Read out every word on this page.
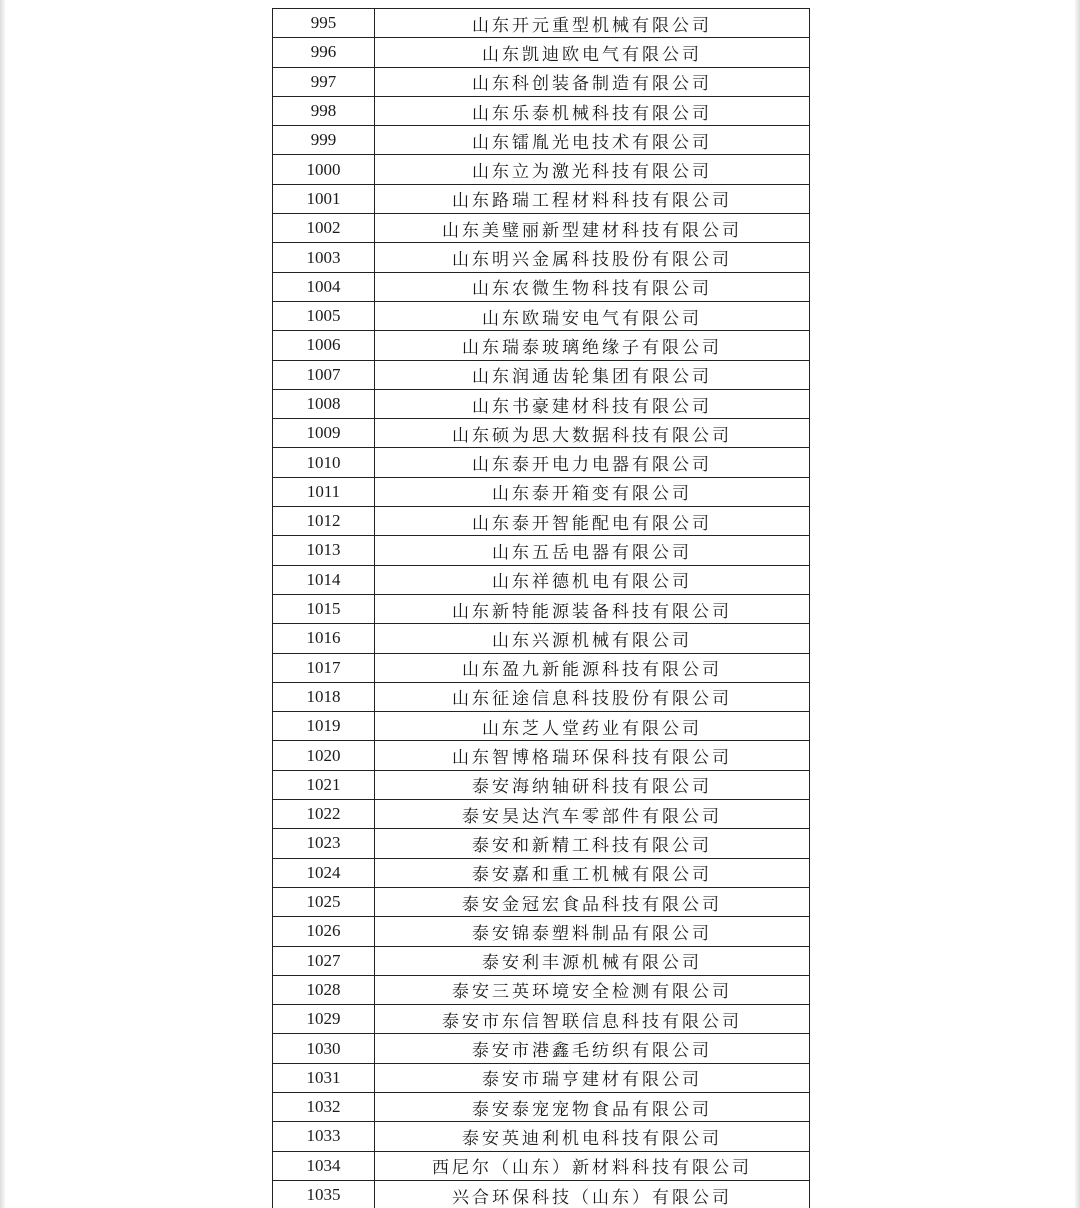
995	山东开元重型机械有限公司
996	山东凯迪欧电气有限公司
997	山东科创装备制造有限公司
998	山东乐泰机械科技有限公司
999	山东镭胤光电技术有限公司
1000	山东立为激光科技有限公司
1001	山东路瑞工程材料科技有限公司
1002	山东美璧丽新型建材科技有限公司
1003	山东明兴金属科技股份有限公司
1004	山东农微生物科技有限公司
1005	山东欧瑞安电气有限公司
1006	山东瑞泰玻璃绝缘子有限公司
1007	山东润通齿轮集团有限公司
1008	山东书豪建材科技有限公司
1009	山东硕为思大数据科技有限公司
1010	山东泰开电力电器有限公司
1011	山东泰开箱变有限公司
1012	山东泰开智能配电有限公司
1013	山东五岳电器有限公司
1014	山东祥德机电有限公司
1015	山东新特能源装备科技有限公司
1016	山东兴源机械有限公司
1017	山东盈九新能源科技有限公司
1018	山东征途信息科技股份有限公司
1019	山东芝人堂药业有限公司
1020	山东智博格瑞环保科技有限公司
1021	泰安海纳轴研科技有限公司
1022	泰安昊达汽车零部件有限公司
1023	泰安和新精工科技有限公司
1024	泰安嘉和重工机械有限公司
1025	泰安金冠宏食品科技有限公司
1026	泰安锦泰塑料制品有限公司
1027	泰安利丰源机械有限公司
1028	泰安三英环境安全检测有限公司
1029	泰安市东信智联信息科技有限公司
1030	泰安市港鑫毛纺织有限公司
1031	泰安市瑞亨建材有限公司
1032	泰安泰宠宠物食品有限公司
1033	泰安英迪利机电科技有限公司
1034	西尼尔（山东）新材料科技有限公司
1035	兴合环保科技（山东）有限公司
